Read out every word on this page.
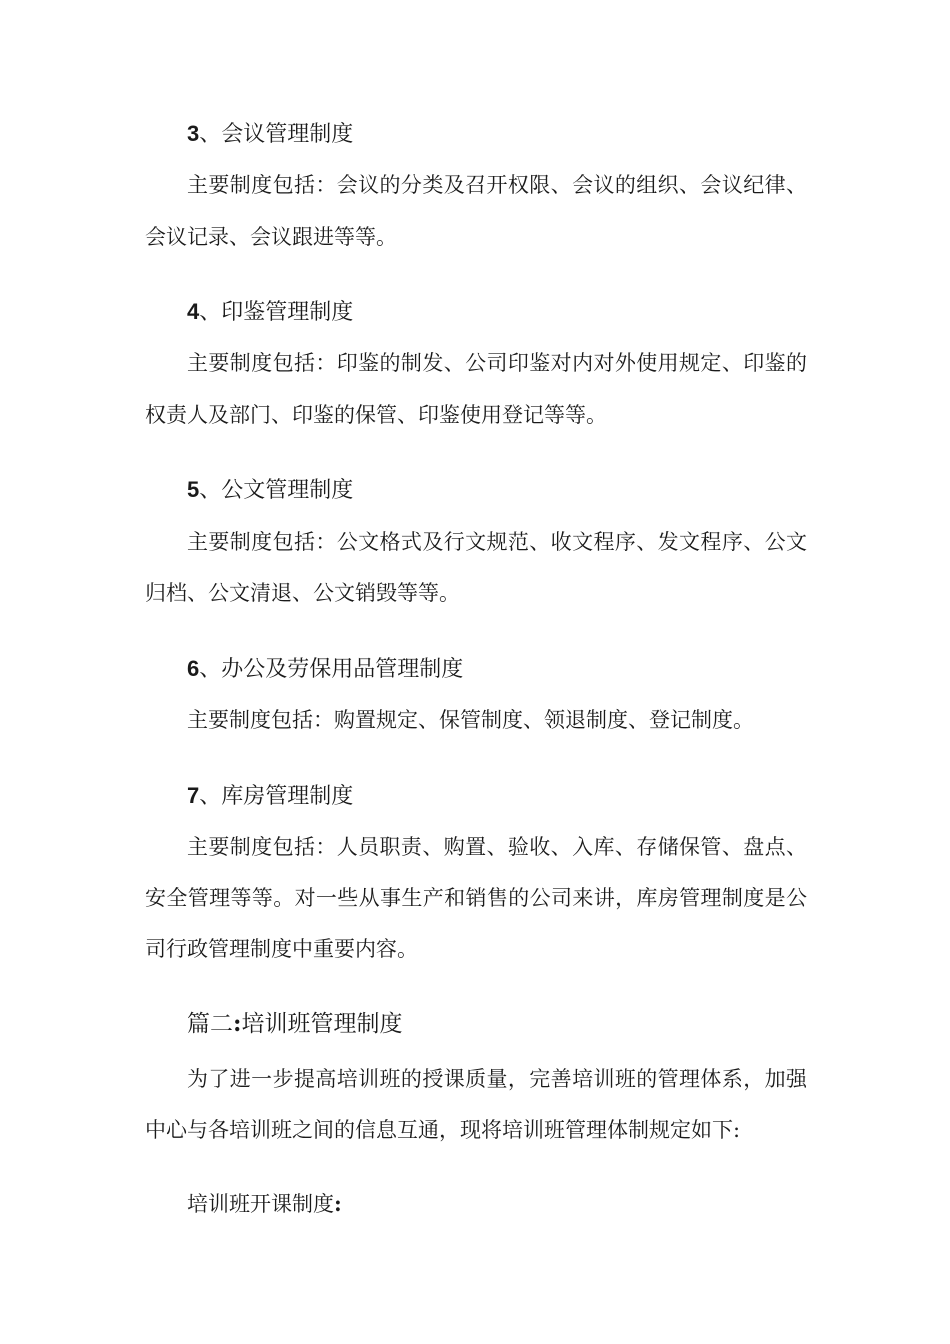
3、会议管理制度
主要制度包括：会议的分类及召开权限、会议的组织、会议纪律、
会议记录、会议跟进等等。
4、印鉴管理制度
主要制度包括：印鉴的制发、公司印鉴对内对外使用规定、印鉴的
权责人及部门、印鉴的保管、印鉴使用登记等等。
5、公文管理制度
主要制度包括：公文格式及行文规范、收文程序、发文程序、公文
归档、公文清退、公文销毁等等。
6、办公及劳保用品管理制度
主要制度包括：购置规定、保管制度、领退制度、登记制度。
7、库房管理制度
主要制度包括：人员职责、购置、验收、入库、存储保管、盘点、
安全管理等等。对一些从事生产和销售的公司来讲，库房管理制度是公
司行政管理制度中重要内容。
篇二:培训班管理制度
为了进一步提高培训班的授课质量，完善培训班的管理体系，加强
中心与各培训班之间的信息互通，现将培训班管理体制规定如下:
培训班开课制度:
